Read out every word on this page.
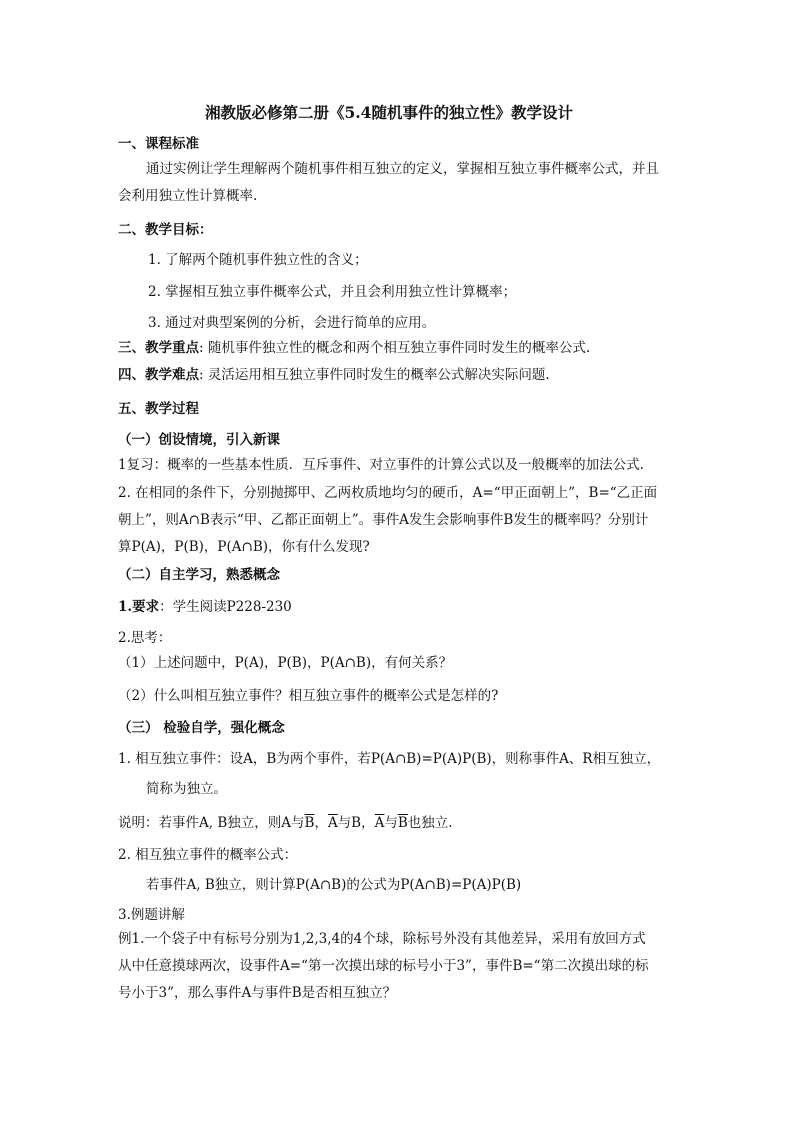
湘教版必修第二册《5.4随机事件的独立性》教学设计
一、课程标准
通过实例让学生理解两个随机事件相互独立的定义，掌握相互独立事件概率公式，并且
会利用独立性计算概率.
二、教学目标：
1. 了解两个随机事件独立性的含义；
2. 掌握相互独立事件概率公式，并且会利用独立性计算概率；
3. 通过对典型案例的分析，会进行简单的应用。
三、教学重点: 随机事件独立性的概念和两个相互独立事件同时发生的概率公式.
四、教学难点: 灵活运用相互独立事件同时发生的概率公式解决实际问题.
五、教学过程
（一）创设情境，引入新课
1复习：概率的一些基本性质．互斥事件、对立事件的计算公式以及一般概率的加法公式.
2. 在相同的条件下，分别抛掷甲、乙两枚质地均匀的硬币，A=“甲正面朝上”，B=“乙正面
朝上”，则A∩B表示“甲、乙都正面朝上”。事件A发生会影响事件B发生的概率吗？分别计
算P(A)，P(B)，P(A∩B)，你有什么发现?
（二）自主学习，熟悉概念
1.要求：学生阅读P228-230
2.思考：
（1）上述问题中，P(A)，P(B)，P(A∩B)，有何关系？
（2）什么叫相互独立事件？相互独立事件的概率公式是怎样的?
（三） 检验自学，强化概念
1. 相互独立事件：设A，B为两个事件，若P(A∩B)=P(A)P(B)，则称事件A、R相互独立，
简称为独立。
说明：若事件A, B独立，则A与$\overline{B}$，$\overline{A}$与B，$\overline{A}$与$\overline{B}$也独立.
2. 相互独立事件的概率公式：
若事件A, B独立，则计算P(A∩B)的公式为P(A∩B)=P(A)P(B)
3.例题讲解
例1.一个袋子中有标号分别为1,2,3,4的4个球，除标号外没有其他差异，采用有放回方式
从中任意摸球两次，设事件A=“第一次摸出球的标号小于3”，事件B=“第二次摸出球的标
号小于3”，那么事件A与事件B是否相互独立？
